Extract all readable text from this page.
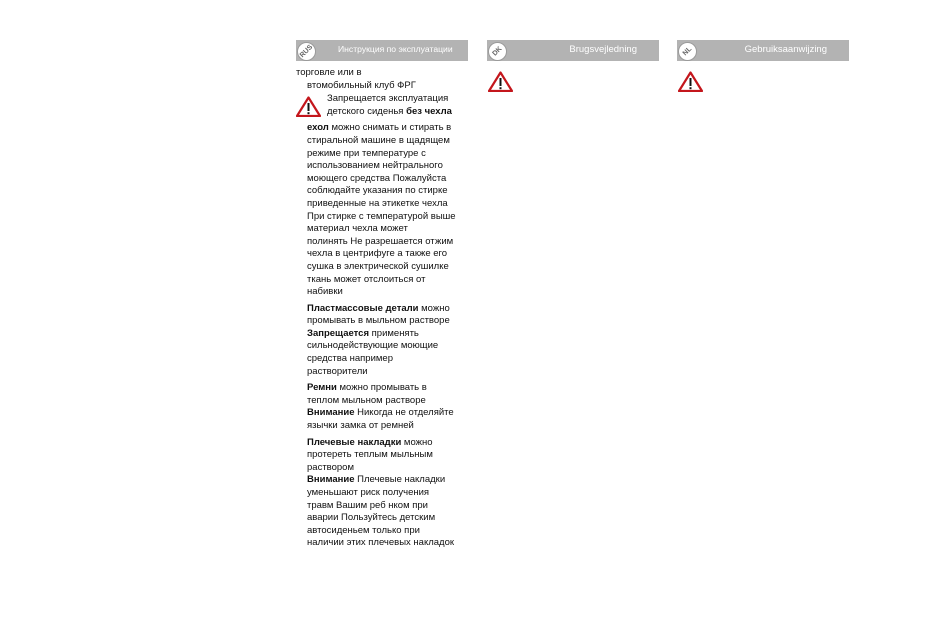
RUS	Инструкция по эксплуатации
торговле или в
втомобильный клуб ФРГ
Запрещается эксплуатация
детского сиденья без чехла
ехол можно снимать и стирать в
стиральной машине в щадящем
режиме при температуре с
использованием нейтрального
моющего средства Пожалуйста
соблюдайте указания по стирке
приведенные на этикетке чехла
При стирке с температурой выше
материал чехла может
полинять Не разрешается отжим
чехла в центрифуге а также его
сушка в электрической сушилке
ткань может отслоиться от
набивки
Пластмассовые детали можно
промывать в мыльном растворе
Запрещается применять
сильнодействующие моющие
средства например
растворители
Ремни можно промывать в
теплом мыльном растворе
Внимание Никогда не отделяйте
язычки замка от ремней
Плечевые накладки можно
протереть теплым мыльным
раствором
Внимание Плечевые накладки
уменьшают риск получения
травм Вашим реб нком при
аварии Пользуйтесь детским
автосиденьем только при
наличии этих плечевых накладок
DK	Brugsvejledning	NL	Gebruiksaanwijzing
